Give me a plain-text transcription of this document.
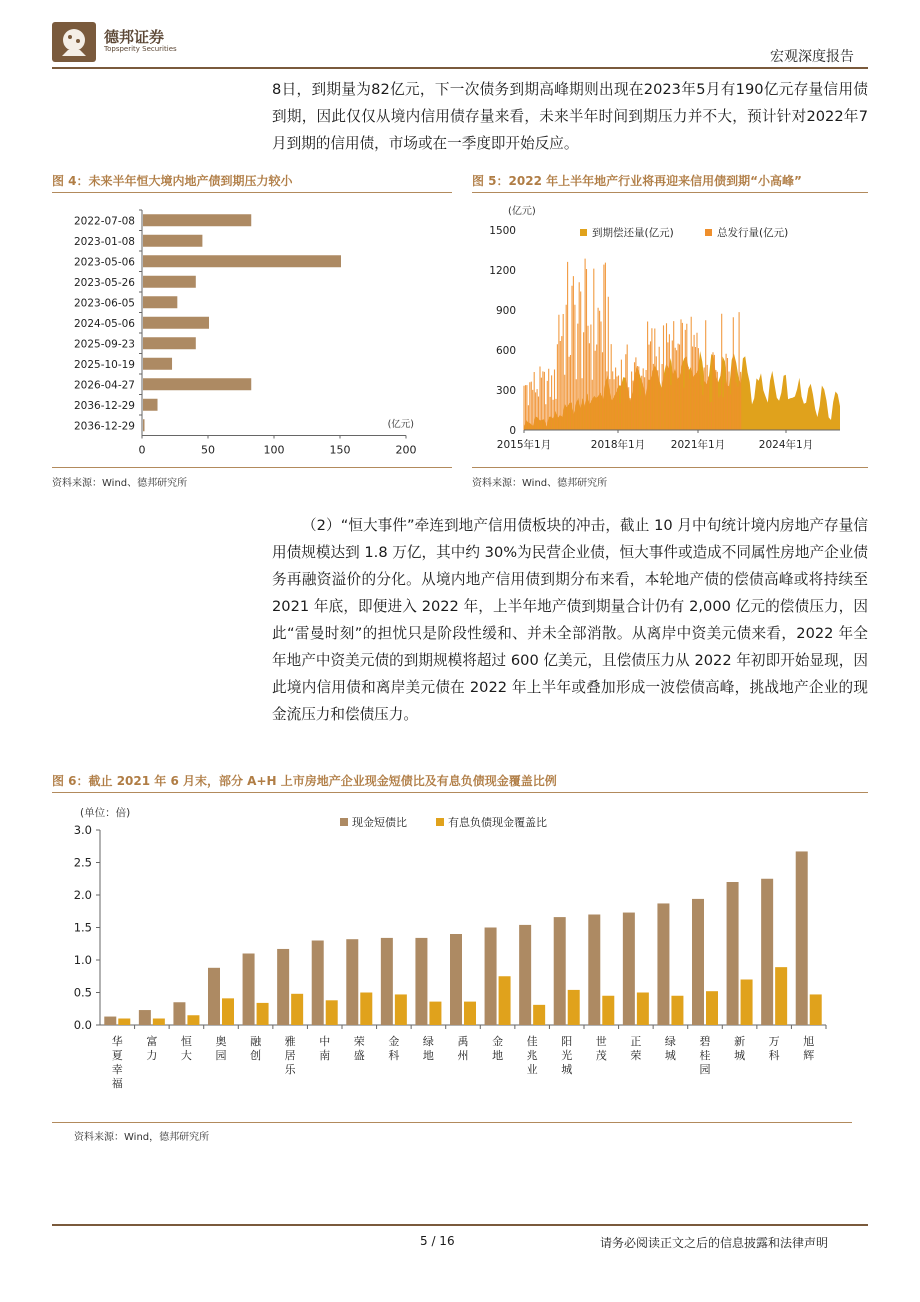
德邦证券
Topsperity Securities	宏观深度报告

8日，到期量为82亿元，下一次债务到期高峰期则出现在2023年5月有190亿元存量信用债到期，因此仅仅从境内信用债存量来看，未来半年时间到期压力并不大，预计针对2022年7月到期的信用债，市场或在一季度即开始反应。

图 4：未来半年恒大境内地产债到期压力较小
2022-07-08
2023-01-08
2023-05-06
2023-05-26
2023-06-05
2024-05-06
2025-09-23
2025-10-19
2026-04-27
2036-12-29
2036-12-29
0	50	100	150	200
(亿元)
资料来源：Wind、德邦研究所
图 5：2022 年上半年地产行业将再迎来信用债到期“小高峰”
(亿元)
1500
1200
900
600
300
0
到期偿还量(亿元)	总发行量(亿元)
2015年1月	2018年1月 2021年1月	2024年1月
资料来源：Wind、德邦研究所

（2）“恒大事件”牵连到地产信用债板块的冲击，截止 10 月中旬统计境内房地产存量信用债规模达到 1.8 万亿，其中约 30%为民营企业债，恒大事件或造成不同属性房地产企业债务再融资溢价的分化。从境内地产信用债到期分布来看，本轮地产债的偿债高峰或将持续至 2021 年底，即便进入 2022 年，上半年地产债到期量合计仍有 2,000 亿元的偿债压力，因此“雷曼时刻”的担忧只是阶段性缓和、并未全部消散。从离岸中资美元债来看，2022 年全年地产中资美元债的到期规模将超过 600 亿美元，且偿债压力从 2022 年初即开始显现，因此境内信用债和离岸美元债在 2022 年上半年或叠加形成一波偿债高峰，挑战地产企业的现金流压力和偿债压力。

图 6：截止 2021 年 6 月末，部分 A+H 上市房地产企业现金短债比及有息负债现金覆盖比例
(单位：倍)
3.0
2.5
2.0
1.5
1.0
0.5
0.0
现金短债比	有息负债现金覆盖比
华夏幸福
富力
恒大
奥园
融创
雅居乐
中南
荣盛
金科
绿地
禹州
金地
佳兆业
阳光城
世茂
正荣
绿城
碧桂园
新城
万科
旭辉
资料来源：Wind，德邦研究所
5 / 16	请务必阅读正文之后的信息披露和法律声明
